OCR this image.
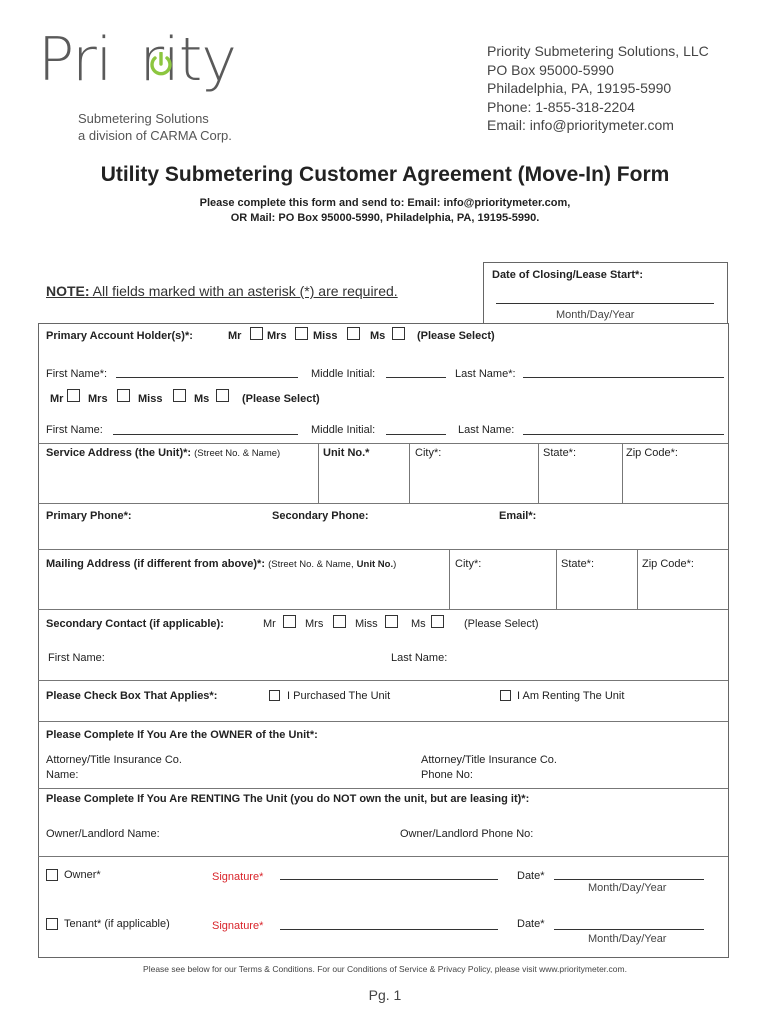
Pri rity
Submetering Solutions
a division of CARMA Corp.
Priority Submetering Solutions, LLC
PO Box 95000-5990
Philadelphia, PA, 19195-5990
Phone: 1-855-318-2204
Email: info@prioritymeter.com
Utility Submetering Customer Agreement (Move-In) Form
Please complete this form and send to: Email: info@prioritymeter.com,
OR Mail: PO Box 95000-5990, Philadelphia, PA, 19195-5990.
NOTE: All fields marked with an asterisk (*) are required.
Date of Closing/Lease Start*:
Month/Day/Year
Primary Account Holder(s)*:	Mr Mrs Miss	Ms	(Please Select)
First Name*:	Middle Initial:	Last Name*:
Mr Mrs	Miss	Ms	(Please Select)
First Name:	Middle Initial:	Last Name:
Service Address (the Unit)*: (Street No. & Name)	Unit No.*	City*:	State*:	Zip Code*:
Primary Phone*:	Secondary Phone:	Email*:
Mailing Address (if different from above)*: (Street No. & Name, Unit No.)	City*:	State*:	Zip Code*:
Secondary Contact (if applicable):	Mr	Mrs	Miss	Ms	(Please Select)
First Name:	Last Name:
Please Check Box That Applies*:	I Purchased The Unit	I Am Renting The Unit
Please Complete If You Are the OWNER of the Unit*:
Attorney/Title Insurance Co.
Name:
Attorney/Title Insurance Co.
Phone No:
Please Complete If You Are RENTING The Unit (you do NOT own the unit, but are leasing it)*:
Owner/Landlord Name:	Owner/Landlord Phone No:
Owner*	Signature*	Date*
Month/Day/Year
Tenant* (if applicable)	Signature*	Date*
Month/Day/Year
Please see below for our Terms & Conditions. For our Conditions of Service & Privacy Policy, please visit www.prioritymeter.com.
Pg. 1
